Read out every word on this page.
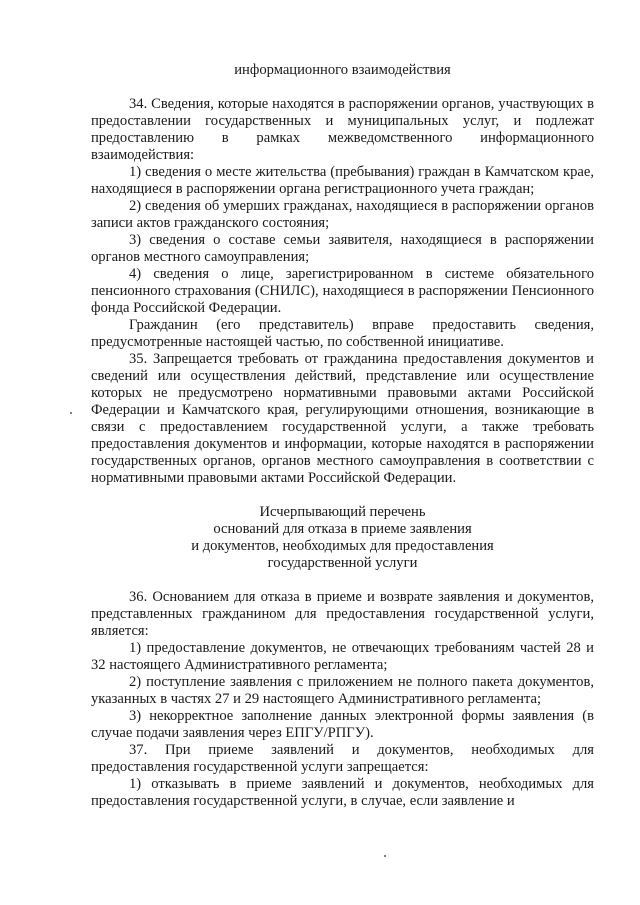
информационного взаимодействия

34. Сведения, которые находятся в распоряжении органов, участвующих в предоставлении государственных и муниципальных услуг, и подлежат предоставлению в рамках межведомственного информационного взаимодействия:

1) сведения о месте жительства (пребывания) граждан в Камчатском крае, находящиеся в распоряжении органа регистрационного учета граждан;

2) сведения об умерших гражданах, находящиеся в распоряжении органов записи актов гражданского состояния;

3) сведения о составе семьи заявителя, находящиеся в распоряжении органов местного самоуправления;

4) сведения о лице, зарегистрированном в системе обязательного пенсионного страхования (СНИЛС), находящиеся в распоряжении Пенсионного фонда Российской Федерации.

Гражданин (его представитель) вправе предоставить сведения, предусмотренные настоящей частью, по собственной инициативе.

35. Запрещается требовать от гражданина предоставления документов и сведений или осуществления действий, представление или осуществление которых не предусмотрено нормативными правовыми актами Российской Федерации и Камчатского края, регулирующими отношения, возникающие в связи с предоставлением государственной услуги, а также требовать предоставления документов и информации, которые находятся в распоряжении государственных органов, органов местного самоуправления в соответствии с нормативными правовыми актами Российской Федерации.

Исчерпывающий перечень
оснований для отказа в приеме заявления
и документов, необходимых для предоставления
государственной услуги

36. Основанием для отказа в приеме и возврате заявления и документов, представленных гражданином для предоставления государственной услуги, является:

1) предоставление документов, не отвечающих требованиям частей 28 и 32 настоящего Административного регламента;

2) поступление заявления с приложением не полного пакета документов, указанных в частях 27 и 29 настоящего Административного регламента;

3) некорректное заполнение данных электронной формы заявления (в случае подачи заявления через ЕПГУ/РПГУ).

37. При приеме заявлений и документов, необходимых для предоставления государственной услуги запрещается:

1) отказывать в приеме заявлений и документов, необходимых для предоставления государственной услуги, в случае, если заявление и
